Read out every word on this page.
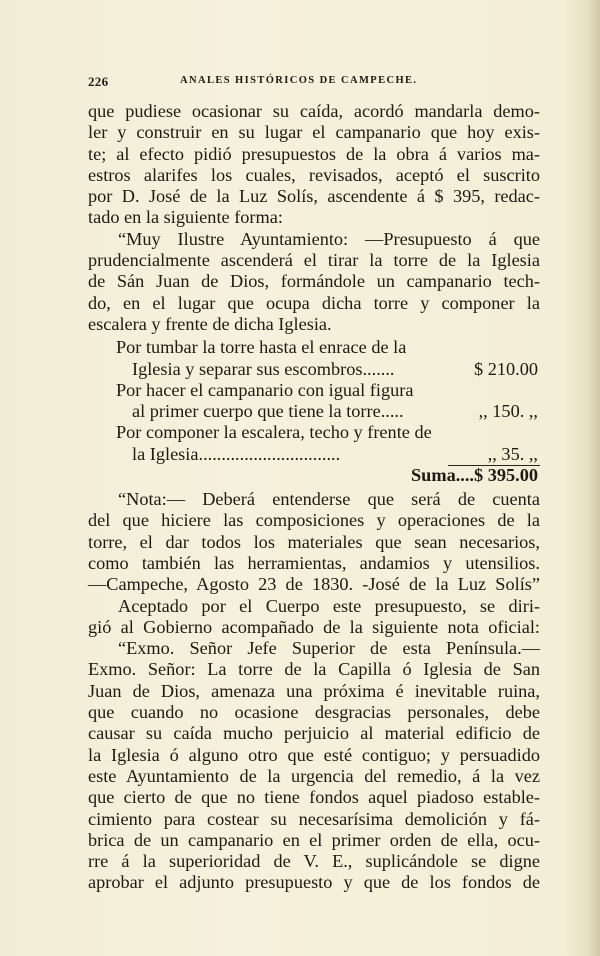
226	ANALES HISTÓRICOS DE CAMPECHE.
que pudiese ocasionar su caída, acordó mandarla demo-
ler y construir en su lugar el campanario que hoy exis-
te; al efecto pidió presupuestos de la obra á varios ma-
estros alarifes los cuales, revisados, aceptó el suscrito
por D. José de la Luz Solís, ascendente á $ 395, redac-
tado en la siguiente forma:
“Muy Ilustre Ayuntamiento: —Presupuesto á que
prudencialmente ascenderá el tirar la torre de la Iglesia
de Sán Juan de Dios, formándole un campanario tech-
do, en el lugar que ocupa dicha torre y componer la
escalera y frente de dicha Iglesia.
Por tumbar la torre hasta el enrace de la
Iglesia y separar sus escombros.......	$ 210.00
Por hacer el campanario con igual figura
al primer cuerpo que tiene la torre.....	,, 150. ,,
Por componer la escalera, techo y frente de
la Iglesia...............................	,, 35. ,,
Suma....$ 395.00
“Nota:— Deberá entenderse que será de cuenta
del que hiciere las composiciones y operaciones de la
torre, el dar todos los materiales que sean necesarios,
como también las herramientas, andamios y utensilios.
—Campeche, Agosto 23 de 1830. -José de la Luz Solís”
Aceptado por el Cuerpo este presupuesto, se diri-
gió al Gobierno acompañado de la siguiente nota oficial:
“Exmo. Señor Jefe Superior de esta Península.—
Exmo. Señor: La torre de la Capilla ó Iglesia de San
Juan de Dios, amenaza una próxima é inevitable ruina,
que cuando no ocasione desgracias personales, debe
causar su caída mucho perjuicio al material edificio de
la Iglesia ó alguno otro que esté contiguo; y persuadido
este Ayuntamiento de la urgencia del remedio, á la vez
que cierto de que no tiene fondos aquel piadoso estable-
cimiento para costear su necesarísima demolición y fá-
brica de un campanario en el primer orden de ella, ocu-
rre á la superioridad de V. E., suplicándole se digne
aprobar el adjunto presupuesto y que de los fondos de
